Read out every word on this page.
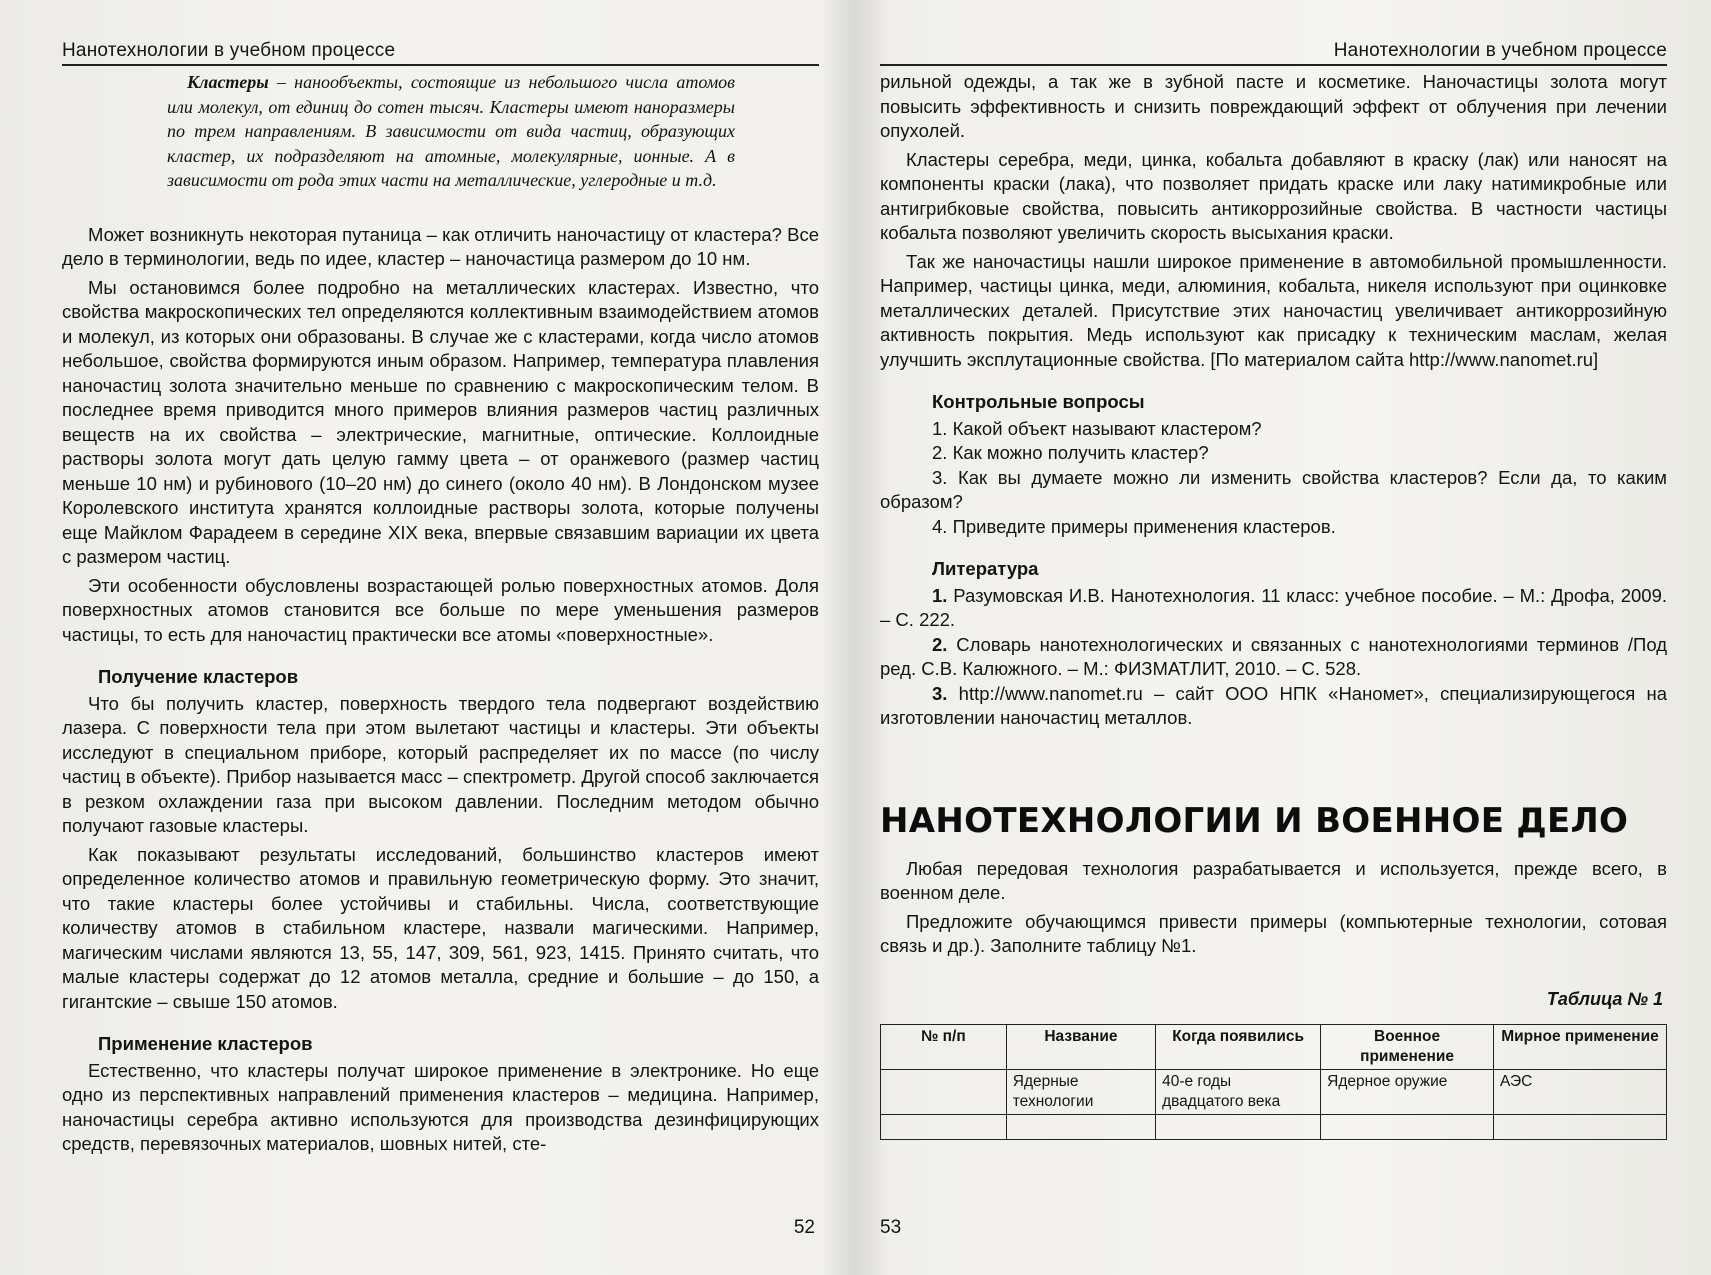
Нанотехнологии в учебном процессе
Кластеры – нанообъекты, состоящие из небольшого числа атомов или молекул, от единиц до сотен тысяч. Кластеры имеют наноразмеры по трем направлениям. В зависимости от вида частиц, образующих кластер, их подразделяют на атомные, молекулярные, ионные. А в зависимости от рода этих части на металлические, углеродные и т.д.

Может возникнуть некоторая путаница – как отличить наночастицу от кластера? Все дело в терминологии, ведь по идее, кластер – наночастица размером до 10 нм.

Мы остановимся более подробно на металлических кластерах. Известно, что свойства макроскопических тел определяются коллективным взаимодействием атомов и молекул, из которых они образованы. В случае же с кластерами, когда число атомов небольшое, свойства формируются иным образом. Например, температура плавления наночастиц золота значительно меньше по сравнению с макроскопическим телом. В последнее время приводится много примеров влияния размеров частиц различных веществ на их свойства – электрические, магнитные, оптические. Коллоидные растворы золота могут дать целую гамму цвета – от оранжевого (размер частиц меньше 10 нм) и рубинового (10–20 нм) до синего (около 40 нм). В Лондонском музее Королевского института хранятся коллоидные растворы золота, которые получены еще Майклом Фарадеем в середине XIX века, впервые связавшим вариации их цвета с размером частиц.

Эти особенности обусловлены возрастающей ролью поверхностных атомов. Доля поверхностных атомов становится все больше по мере уменьшения размеров частицы, то есть для наночастиц практически все атомы «поверхностные».

Получение кластеров

Что бы получить кластер, поверхность твердого тела подвергают воздействию лазера. С поверхности тела при этом вылетают частицы и кластеры. Эти объекты исследуют в специальном приборе, который распределяет их по массе (по числу частиц в объекте). Прибор называется масс – спектрометр. Другой способ заключается в резком охлаждении газа при высоком давлении. Последним методом обычно получают газовые кластеры.

Как показывают результаты исследований, большинство кластеров имеют определенное количество атомов и правильную геометрическую форму. Это значит, что такие кластеры более устойчивы и стабильны. Числа, соответствующие количеству атомов в стабильном кластере, назвали магическими. Например, магическим числами являются 13, 55, 147, 309, 561, 923, 1415. Принято считать, что малые кластеры содержат до 12 атомов металла, средние и большие – до 150, а гигантские – свыше 150 атомов.

Применение кластеров

Естественно, что кластеры получат широкое применение в электронике. Но еще одно из перспективных направлений применения кластеров – медицина. Например, наночастицы серебра активно используются для производства дезинфицирующих средств, перевязочных материалов, шовных нитей, сте-

52
Нанотехнологии в учебном процессе

рильной одежды, а так же в зубной пасте и косметике. Наночастицы золота могут повысить эффективность и снизить повреждающий эффект от облучения при лечении опухолей.

Кластеры серебра, меди, цинка, кобальта добавляют в краску (лак) или наносят на компоненты краски (лака), что позволяет придать краске или лаку натимикробные или антигрибковые свойства, повысить антикоррозийные свойства. В частности частицы кобальта позволяют увеличить скорость высыхания краски.

Так же наночастицы нашли широкое применение в автомобильной промышленности. Например, частицы цинка, меди, алюминия, кобальта, никеля используют при оцинковке металлических деталей. Присутствие этих наночастиц увеличивает антикоррозийную активность покрытия. Медь используют как присадку к техническим маслам, желая улучшить эксплутационные свойства. [По материалом сайта http://www.nanomet.ru]

Контрольные вопросы
1. Какой объект называют кластером?
2. Как можно получить кластер?
3. Как вы думаете можно ли изменить свойства кластеров? Если да, то каким образом?
4. Приведите примеры применения кластеров.
Литература

1. Разумовская И.В. Нанотехнология. 11 класс: учебное пособие. – М.: Дрофа, 2009. – С. 222.

2. Словарь нанотехнологических и связанных с нанотехнологиями терминов /Под ред. С.В. Калюжного. – М.: ФИЗМАТЛИТ, 2010. – С. 528.

3. http://www.nanomet.ru – сайт ООО НПК «Наномет», специализирующегося на изготовлении наночастиц металлов.

НАНОТЕХНОЛОГИИ И ВОЕННОЕ ДЕЛО

Любая передовая технология разрабатывается и используется, прежде всего, в военном деле.

Предложите обучающимся привести примеры (компьютерные технологии, сотовая связь и др.). Заполните таблицу №1.

Таблица № 1
№ п/п	Название	Когда появились	Военное применение	Мирное применение
	Ядерные технологии	40-е годы двадцатого века	Ядерное оружие	АЭС

53
